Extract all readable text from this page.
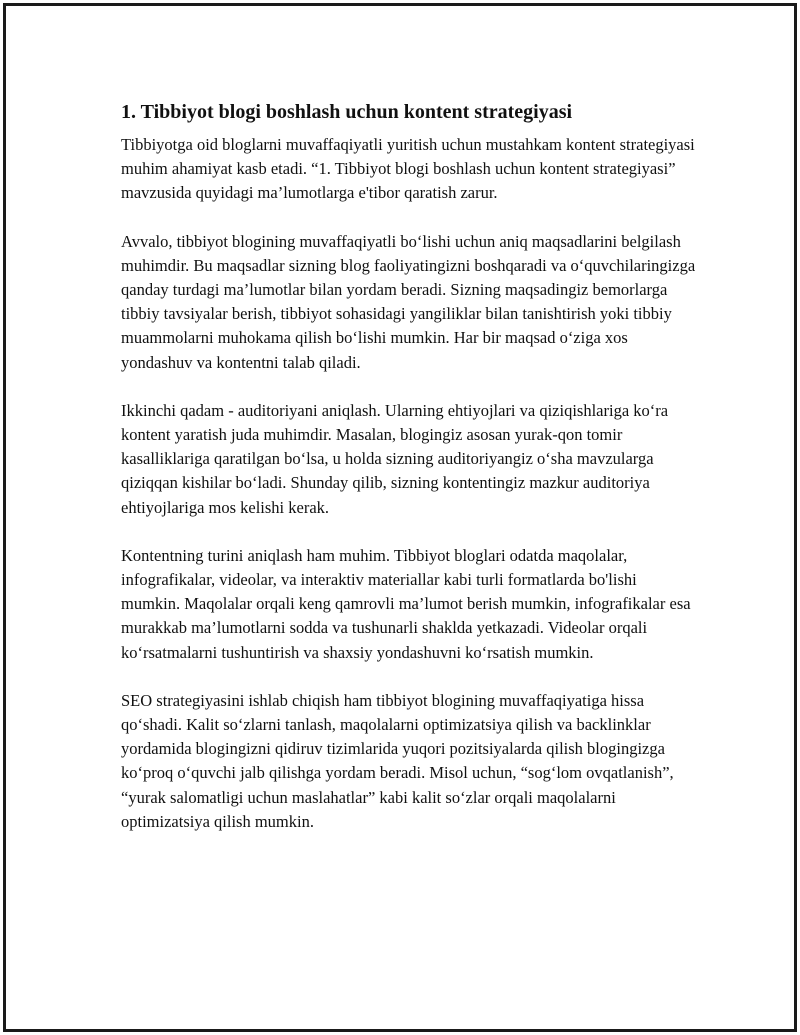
1. Tibbiyot blogi boshlash uchun kontent strategiyasi

Tibbiyotga oid bloglarni muvaffaqiyatli yuritish uchun mustahkam kontent strategiyasi muhim ahamiyat kasb etadi. “1. Tibbiyot blogi boshlash uchun kontent strategiyasi” mavzusida quyidagi ma’lumotlarga e'tibor qaratish zarur.

Avvalo, tibbiyot blogining muvaffaqiyatli bo‘lishi uchun aniq maqsadlarini belgilash muhimdir. Bu maqsadlar sizning blog faoliyatingizni boshqaradi va o‘quvchilaringizga qanday turdagi ma’lumotlar bilan yordam beradi. Sizning maqsadingiz bemorlarga tibbiy tavsiyalar berish, tibbiyot sohasidagi yangiliklar bilan tanishtirish yoki tibbiy muammolarni muhokama qilish bo‘lishi mumkin. Har bir maqsad o‘ziga xos yondashuv va kontentni talab qiladi.

Ikkinchi qadam - auditoriyani aniqlash. Ularning ehtiyojlari va qiziqishlariga ko‘ra kontent yaratish juda muhimdir. Masalan, blogingiz asosan yurak-qon tomir kasalliklariga qaratilgan bo‘lsa, u holda sizning auditoriyangiz o‘sha mavzularga qiziqqan kishilar bo‘ladi. Shunday qilib, sizning kontentingiz mazkur auditoriya ehtiyojlariga mos kelishi kerak.

Kontentning turini aniqlash ham muhim. Tibbiyot bloglari odatda maqolalar, infografikalar, videolar, va interaktiv materiallar kabi turli formatlarda bo'lishi mumkin. Maqolalar orqali keng qamrovli ma’lumot berish mumkin, infografikalar esa murakkab ma’lumotlarni sodda va tushunarli shaklda yetkazadi. Videolar orqali ko‘rsatmalarni tushuntirish va shaxsiy yondashuvni ko‘rsatish mumkin.

SEO strategiyasini ishlab chiqish ham tibbiyot blogining muvaffaqiyatiga hissa qo‘shadi. Kalit so‘zlarni tanlash, maqolalarni optimizatsiya qilish va backlinklar yordamida blogingizni qidiruv tizimlarida yuqori pozitsiyalarda qilish blogingizga ko‘proq o‘quvchi jalb qilishga yordam beradi. Misol uchun, “sog‘lom ovqatlanish”, “yurak salomatligi uchun maslahatlar” kabi kalit so‘zlar orqali maqolalarni optimizatsiya qilish mumkin.
